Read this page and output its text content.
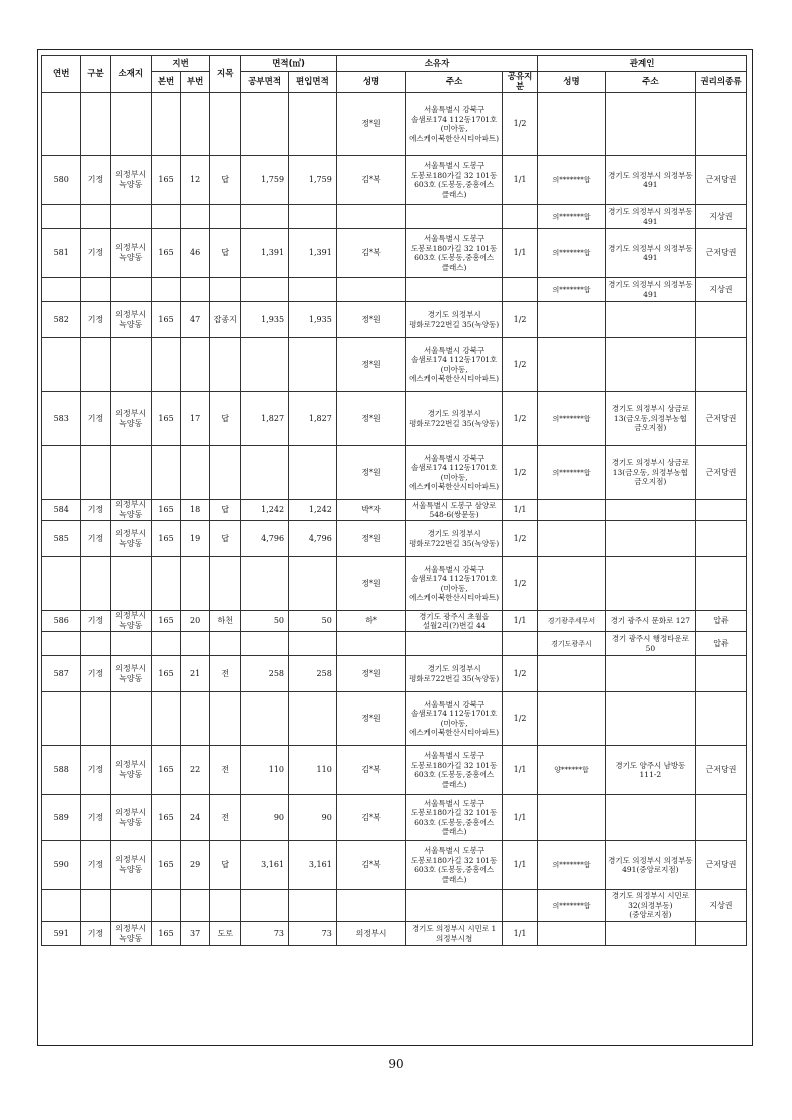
연번	구분	소재지	지번		지목	면적(㎡)		소유자			관계인		
			본번	부번		공부면적	편입면적	성명	주소	공유지분	성명	주소	권리의종류
								정*원	서울특별시 강북구 솔샘로174 112동1701호(미아동, 에스케이북한산시티아파트)	1/2			
580	기정	의정부시 녹양동	165	12	답	1,759	1,759	김*복	서울특별시 도봉구 도봉로180가길 32 101동 603호 (도봉동,중흥에스 클래스)	1/1	의*******합	경기도 의정부시 의정부동 491	근저당권
											의*******합	경기도 의정부시 의정부동 491	지상권
581	기정	의정부시 녹양동	165	46	답	1,391	1,391	김*복	서울특별시 도봉구 도봉로180가길 32 101동 603호 (도봉동,중흥에스 클래스)	1/1	의*******합	경기도 의정부시 의정부동 491	근저당권
											의*******합	경기도 의정부시 의정부동 491	지상권
582	기정	의정부시 녹양동	165	47	잡종지	1,935	1,935	정*원	경기도 의정부시 평화로722번길 35(녹양동)	1/2			
								정*원	서울특별시 강북구 솔샘로174 112동1701호(미아동, 에스케이북한산시티아파트)	1/2			
583	기정	의정부시 녹양동	165	17	답	1,827	1,827	정*원	경기도 의정부시 평화로722번길 35(녹양동)	1/2	의*******합	경기도 의정부시 상금로 13(금오동,의정부농협 금오지점)	근저당권
								정*원	서울특별시 강북구 솔샘로174 112동1701호(미아동, 에스케이북한산시티아파트)	1/2	의*******합	경기도 의정부시 상금로 13(금오동, 의정부농협 금오지점)	근저당권
584	기정	의정부시 녹양동	165	18	답	1,242	1,242	박*자	서울특별시 도봉구 삼양로 548-6(쌍문동)	1/1			
585	기정	의정부시 녹양동	165	19	답	4,796	4,796	정*원	경기도 의정부시 평화로722번길 35(녹양동)	1/2			
								정*원	서울특별시 강북구 솔샘로174 112동1701호(미아동, 에스케이북한산시티아파트)	1/2			
586	기정	의정부시 녹양동	165	20	하천	50	50	하*	경기도 광주시 초월읍 설월2리(?)번길 44	1/1	경기광주세무서	경기 광주시 문화로 127	압류
											경기도광주시	경기 광주시 행정타운로 50	압류
587	기정	의정부시 녹양동	165	21	전	258	258	정*원	경기도 의정부시 평화로722번길 35(녹양동)	1/2			
								정*원	서울특별시 강북구 솔샘로174 112동1701호(미아동, 에스케이북한산시티아파트)	1/2			
588	기정	의정부시 녹양동	165	22	전	110	110	김*복	서울특별시 도봉구 도봉로180가길 32 101동 603호 (도봉동,중흥에스 클래스)	1/1	양******합	경기도 양주시 남방동 111-2	근저당권
589	기정	의정부시 녹양동	165	24	전	90	90	김*복	서울특별시 도봉구 도봉로180가길 32 101동 603호 (도봉동,중흥에스 클래스)	1/1			
590	기정	의정부시 녹양동	165	29	답	3,161	3,161	김*복	서울특별시 도봉구 도봉로180가길 32 101동 603호 (도봉동,중흥에스 클래스)	1/1	의*******합	경기도 의정부시 의정부동 491(중앙로지점)	근저당권
											의*******합	경기도 의정부시 시민로 32(의정부동) (중앙로지점)	지상권
591	기정	의정부시 녹양동	165	37	도로	73	73	의정부시	경기도 의정부시 시민로 1 의정부시청	1/1			
90
